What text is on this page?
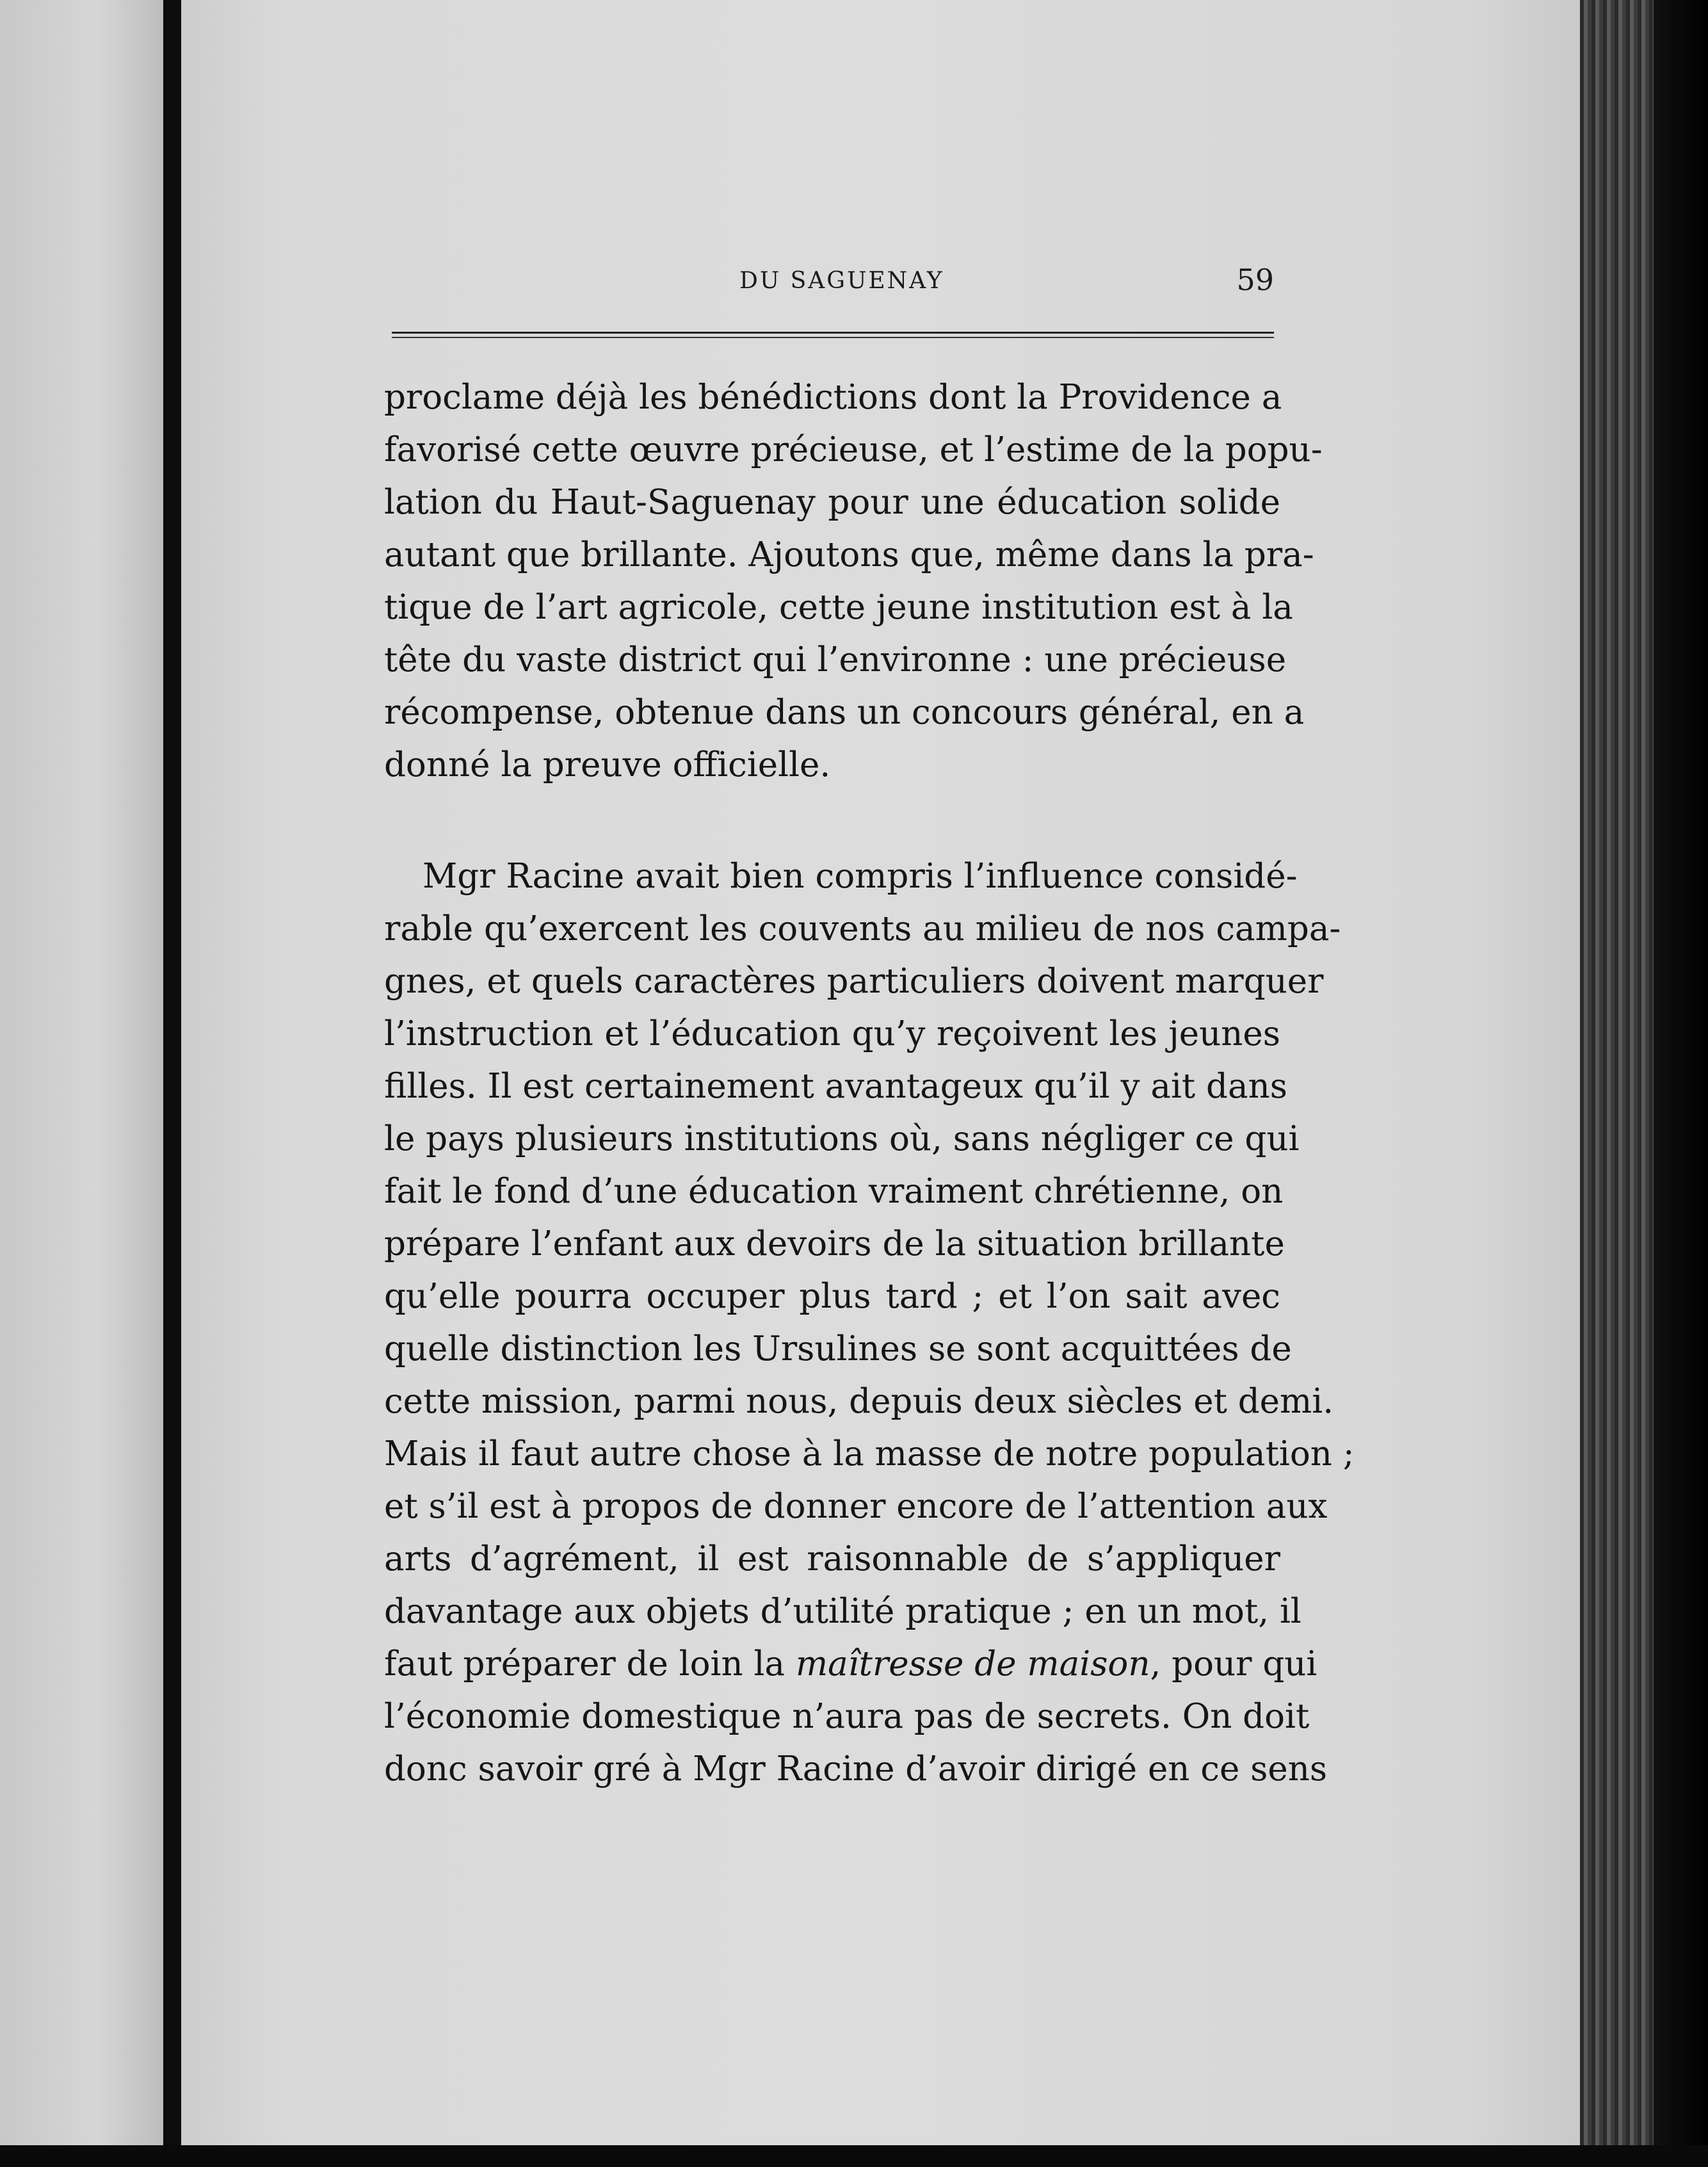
DU SAGUENAY	59
proclame déjà les bénédictions dont la Providence a
favorisé cette œuvre précieuse, et l’estime de la popu-
lation du Haut-Saguenay pour une éducation solide
autant que brillante. Ajoutons que, même dans la pra-
tique de l’art agricole, cette jeune institution est à la
tête du vaste district qui l’environne : une précieuse
récompense, obtenue dans un concours général, en a
donné la preuve officielle.
Mgr Racine avait bien compris l’influence considé-
rable qu’exercent les couvents au milieu de nos campa-
gnes, et quels caractères particuliers doivent marquer
l’instruction et l’éducation qu’y reçoivent les jeunes
filles. Il est certainement avantageux qu’il y ait dans
le pays plusieurs institutions où, sans négliger ce qui
fait le fond d’une éducation vraiment chrétienne, on
prépare l’enfant aux devoirs de la situation brillante
qu’elle pourra occuper plus tard ; et l’on sait avec
quelle distinction les Ursulines se sont acquittées de
cette mission, parmi nous, depuis deux siècles et demi.
Mais il faut autre chose à la masse de notre population ;
et s’il est à propos de donner encore de l’attention aux
arts d’agrément, il est raisonnable de s’appliquer
davantage aux objets d’utilité pratique ; en un mot, il
faut préparer de loin la maîtresse de maison, pour qui
l’économie domestique n’aura pas de secrets. On doit
donc savoir gré à Mgr Racine d’avoir dirigé en ce sens
